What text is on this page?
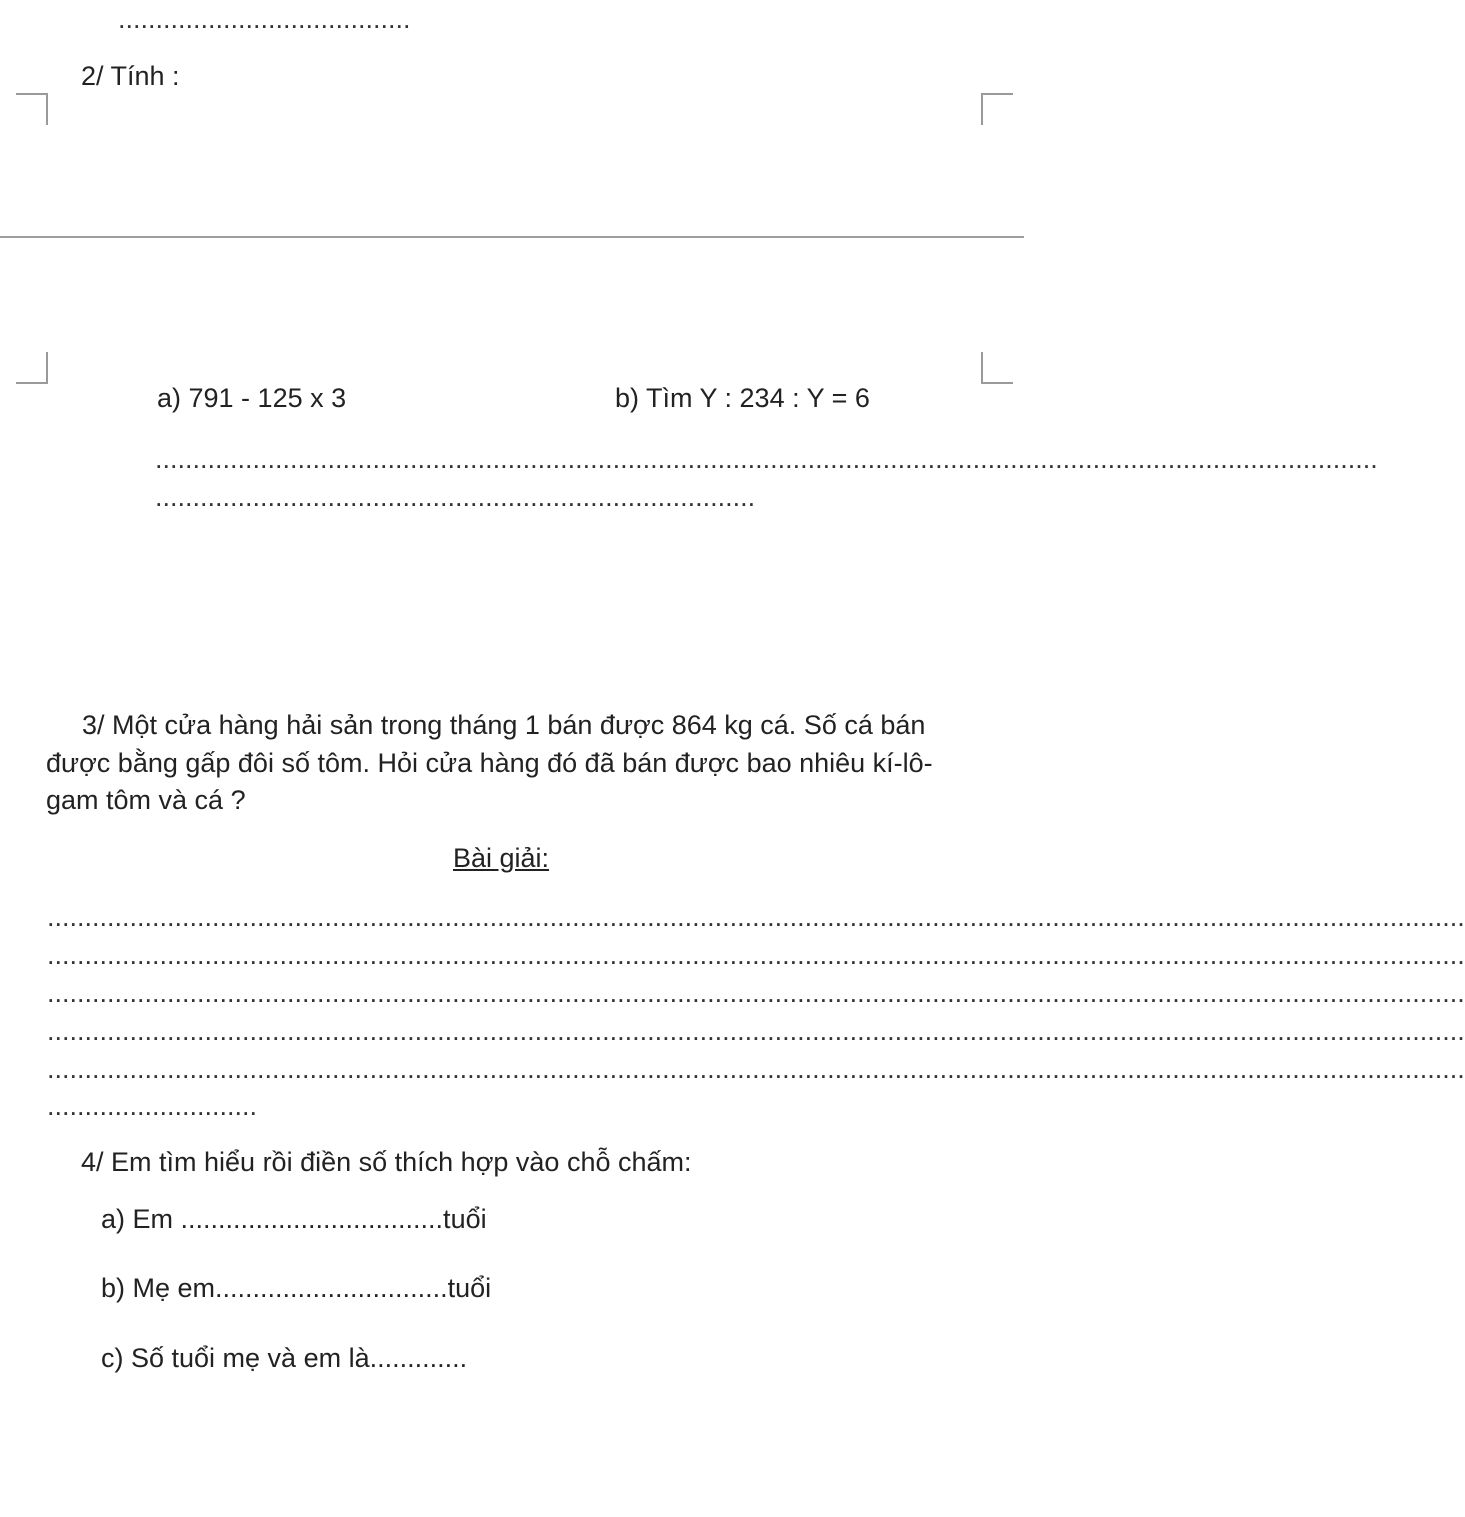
.......................................
2/ Tính :
a) 791 - 125 x 3	b) Tìm Y : 234 : Y = 6
...................................................................................................................................................................
................................................................................
3/ Một cửa hàng hải sản trong tháng 1 bán được 864 kg cá. Số cá bán được bằng gấp đôi số tôm. Hỏi cửa hàng đó đã bán được bao nhiêu kí-lô-gam tôm và cá ?
Bài giải:
.............................................................................................................................................................................................
.............................................................................................................................................................................................
.............................................................................................................................................................................................
.............................................................................................................................................................................................
.............................................................................................................................................................................................
............................
4/ Em tìm hiểu rồi điền số thích hợp vào chỗ chấm:
a) Em ...................................tuổi
b) Mẹ em...............................tuổi
c) Số tuổi mẹ và em là.............
